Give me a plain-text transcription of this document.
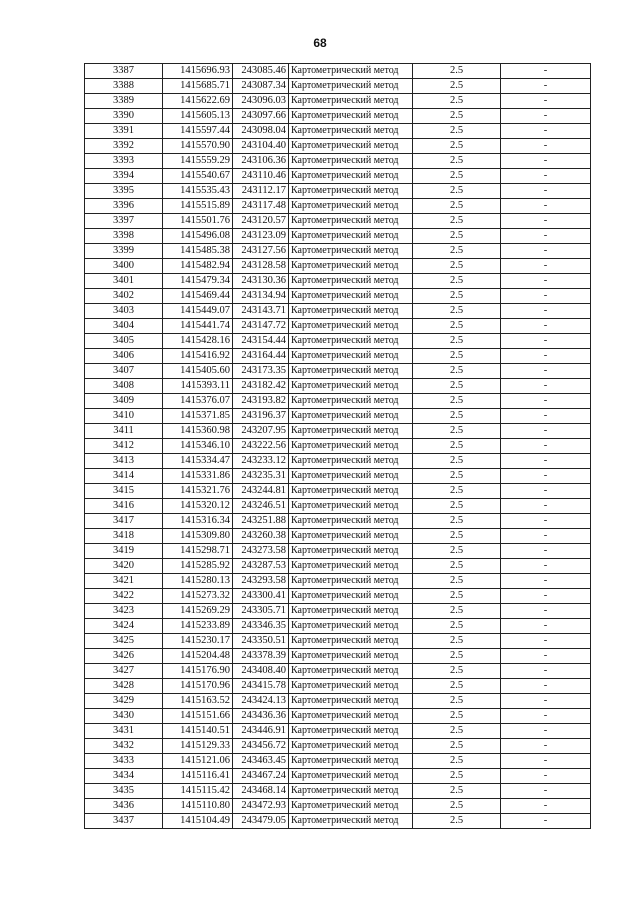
68
3387	1415696.93	243085.46	Картометрический метод	2.5	-
3388	1415685.71	243087.34	Картометрический метод	2.5	-
3389	1415622.69	243096.03	Картометрический метод	2.5	-
3390	1415605.13	243097.66	Картометрический метод	2.5	-
3391	1415597.44	243098.04	Картометрический метод	2.5	-
3392	1415570.90	243104.40	Картометрический метод	2.5	-
3393	1415559.29	243106.36	Картометрический метод	2.5	-
3394	1415540.67	243110.46	Картометрический метод	2.5	-
3395	1415535.43	243112.17	Картометрический метод	2.5	-
3396	1415515.89	243117.48	Картометрический метод	2.5	-
3397	1415501.76	243120.57	Картометрический метод	2.5	-
3398	1415496.08	243123.09	Картометрический метод	2.5	-
3399	1415485.38	243127.56	Картометрический метод	2.5	-
3400	1415482.94	243128.58	Картометрический метод	2.5	-
3401	1415479.34	243130.36	Картометрический метод	2.5	-
3402	1415469.44	243134.94	Картометрический метод	2.5	-
3403	1415449.07	243143.71	Картометрический метод	2.5	-
3404	1415441.74	243147.72	Картометрический метод	2.5	-
3405	1415428.16	243154.44	Картометрический метод	2.5	-
3406	1415416.92	243164.44	Картометрический метод	2.5	-
3407	1415405.60	243173.35	Картометрический метод	2.5	-
3408	1415393.11	243182.42	Картометрический метод	2.5	-
3409	1415376.07	243193.82	Картометрический метод	2.5	-
3410	1415371.85	243196.37	Картометрический метод	2.5	-
3411	1415360.98	243207.95	Картометрический метод	2.5	-
3412	1415346.10	243222.56	Картометрический метод	2.5	-
3413	1415334.47	243233.12	Картометрический метод	2.5	-
3414	1415331.86	243235.31	Картометрический метод	2.5	-
3415	1415321.76	243244.81	Картометрический метод	2.5	-
3416	1415320.12	243246.51	Картометрический метод	2.5	-
3417	1415316.34	243251.88	Картометрический метод	2.5	-
3418	1415309.80	243260.38	Картометрический метод	2.5	-
3419	1415298.71	243273.58	Картометрический метод	2.5	-
3420	1415285.92	243287.53	Картометрический метод	2.5	-
3421	1415280.13	243293.58	Картометрический метод	2.5	-
3422	1415273.32	243300.41	Картометрический метод	2.5	-
3423	1415269.29	243305.71	Картометрический метод	2.5	-
3424	1415233.89	243346.35	Картометрический метод	2.5	-
3425	1415230.17	243350.51	Картометрический метод	2.5	-
3426	1415204.48	243378.39	Картометрический метод	2.5	-
3427	1415176.90	243408.40	Картометрический метод	2.5	-
3428	1415170.96	243415.78	Картометрический метод	2.5	-
3429	1415163.52	243424.13	Картометрический метод	2.5	-
3430	1415151.66	243436.36	Картометрический метод	2.5	-
3431	1415140.51	243446.91	Картометрический метод	2.5	-
3432	1415129.33	243456.72	Картометрический метод	2.5	-
3433	1415121.06	243463.45	Картометрический метод	2.5	-
3434	1415116.41	243467.24	Картометрический метод	2.5	-
3435	1415115.42	243468.14	Картометрический метод	2.5	-
3436	1415110.80	243472.93	Картометрический метод	2.5	-
3437	1415104.49	243479.05	Картометрический метод	2.5	-
